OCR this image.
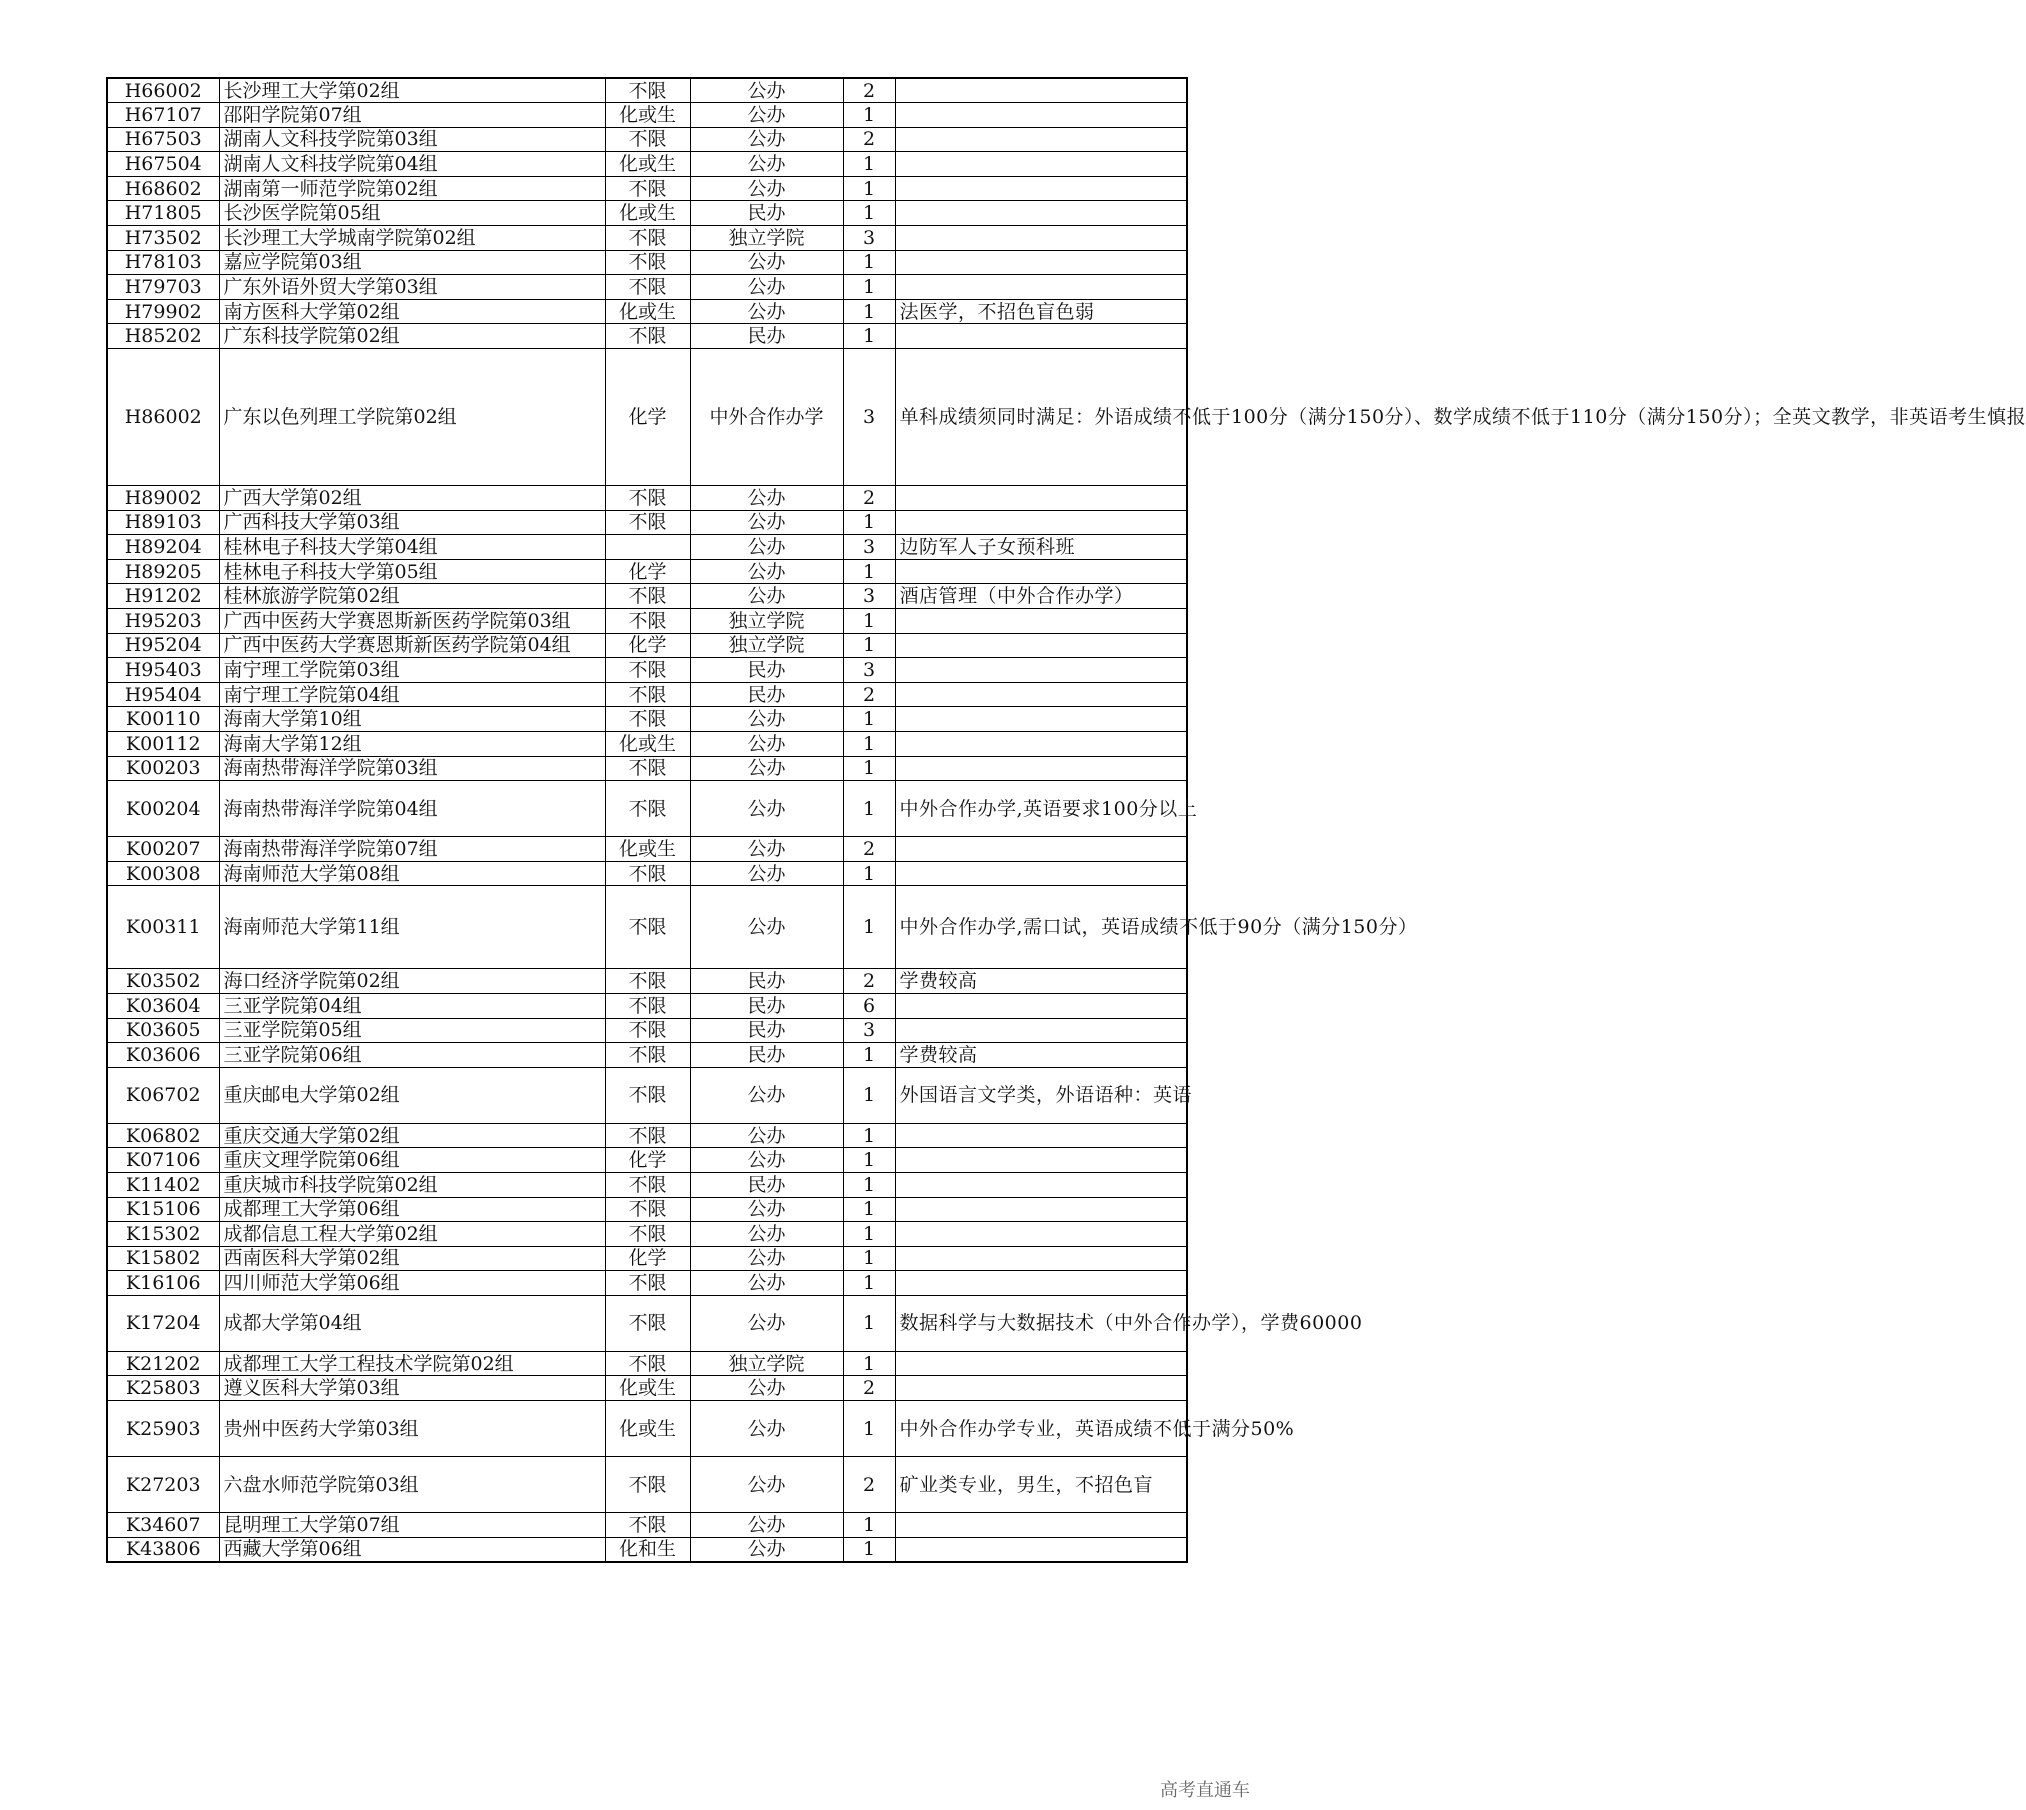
H66002	长沙理工大学第02组	不限	公办	2	
H67107	邵阳学院第07组	化或生	公办	1	
H67503	湖南人文科技学院第03组	不限	公办	2	
H67504	湖南人文科技学院第04组	化或生	公办	1	
H68602	湖南第一师范学院第02组	不限	公办	1	
H71805	长沙医学院第05组	化或生	民办	1	
H73502	长沙理工大学城南学院第02组	不限	独立学院	3	
H78103	嘉应学院第03组	不限	公办	1	
H79703	广东外语外贸大学第03组	不限	公办	1	
H79902	南方医科大学第02组	化或生	公办	1	法医学，不招色盲色弱
H85202	广东科技学院第02组	不限	民办	1	
H86002	广东以色列理工学院第02组	化学	中外合作办学	3	单科成绩须同时满足：外语成绩不低于100分（满分150分）、数学成绩不低于110分（满分150分）；全英文教学，非英语考生慎报
H89002	广西大学第02组	不限	公办	2	
H89103	广西科技大学第03组	不限	公办	1	
H89204	桂林电子科技大学第04组		公办	3	边防军人子女预科班
H89205	桂林电子科技大学第05组	化学	公办	1	
H91202	桂林旅游学院第02组	不限	公办	3	酒店管理（中外合作办学）
H95203	广西中医药大学赛恩斯新医药学院第03组	不限	独立学院	1	
H95204	广西中医药大学赛恩斯新医药学院第04组	化学	独立学院	1	
H95403	南宁理工学院第03组	不限	民办	3	
H95404	南宁理工学院第04组	不限	民办	2	
K00110	海南大学第10组	不限	公办	1	
K00112	海南大学第12组	化或生	公办	1	
K00203	海南热带海洋学院第03组	不限	公办	1	
K00204	海南热带海洋学院第04组	不限	公办	1	中外合作办学,英语要求100分以上
K00207	海南热带海洋学院第07组	化或生	公办	2	
K00308	海南师范大学第08组	不限	公办	1	
K00311	海南师范大学第11组	不限	公办	1	中外合作办学,需口试，英语成绩不低于90分（满分150分）
K03502	海口经济学院第02组	不限	民办	2	学费较高
K03604	三亚学院第04组	不限	民办	6	
K03605	三亚学院第05组	不限	民办	3	
K03606	三亚学院第06组	不限	民办	1	学费较高
K06702	重庆邮电大学第02组	不限	公办	1	外国语言文学类，外语语种：英语
K06802	重庆交通大学第02组	不限	公办	1	
K07106	重庆文理学院第06组	化学	公办	1	
K11402	重庆城市科技学院第02组	不限	民办	1	
K15106	成都理工大学第06组	不限	公办	1	
K15302	成都信息工程大学第02组	不限	公办	1	
K15802	西南医科大学第02组	化学	公办	1	
K16106	四川师范大学第06组	不限	公办	1	
K17204	成都大学第04组	不限	公办	1	数据科学与大数据技术（中外合作办学），学费60000
K21202	成都理工大学工程技术学院第02组	不限	独立学院	1	
K25803	遵义医科大学第03组	化或生	公办	2	
K25903	贵州中医药大学第03组	化或生	公办	1	中外合作办学专业，英语成绩不低于满分50%
K27203	六盘水师范学院第03组	不限	公办	2	矿业类专业，男生，不招色盲
K34607	昆明理工大学第07组	不限	公办	1	
K43806	西藏大学第06组	化和生	公办	1	
高考直通车
